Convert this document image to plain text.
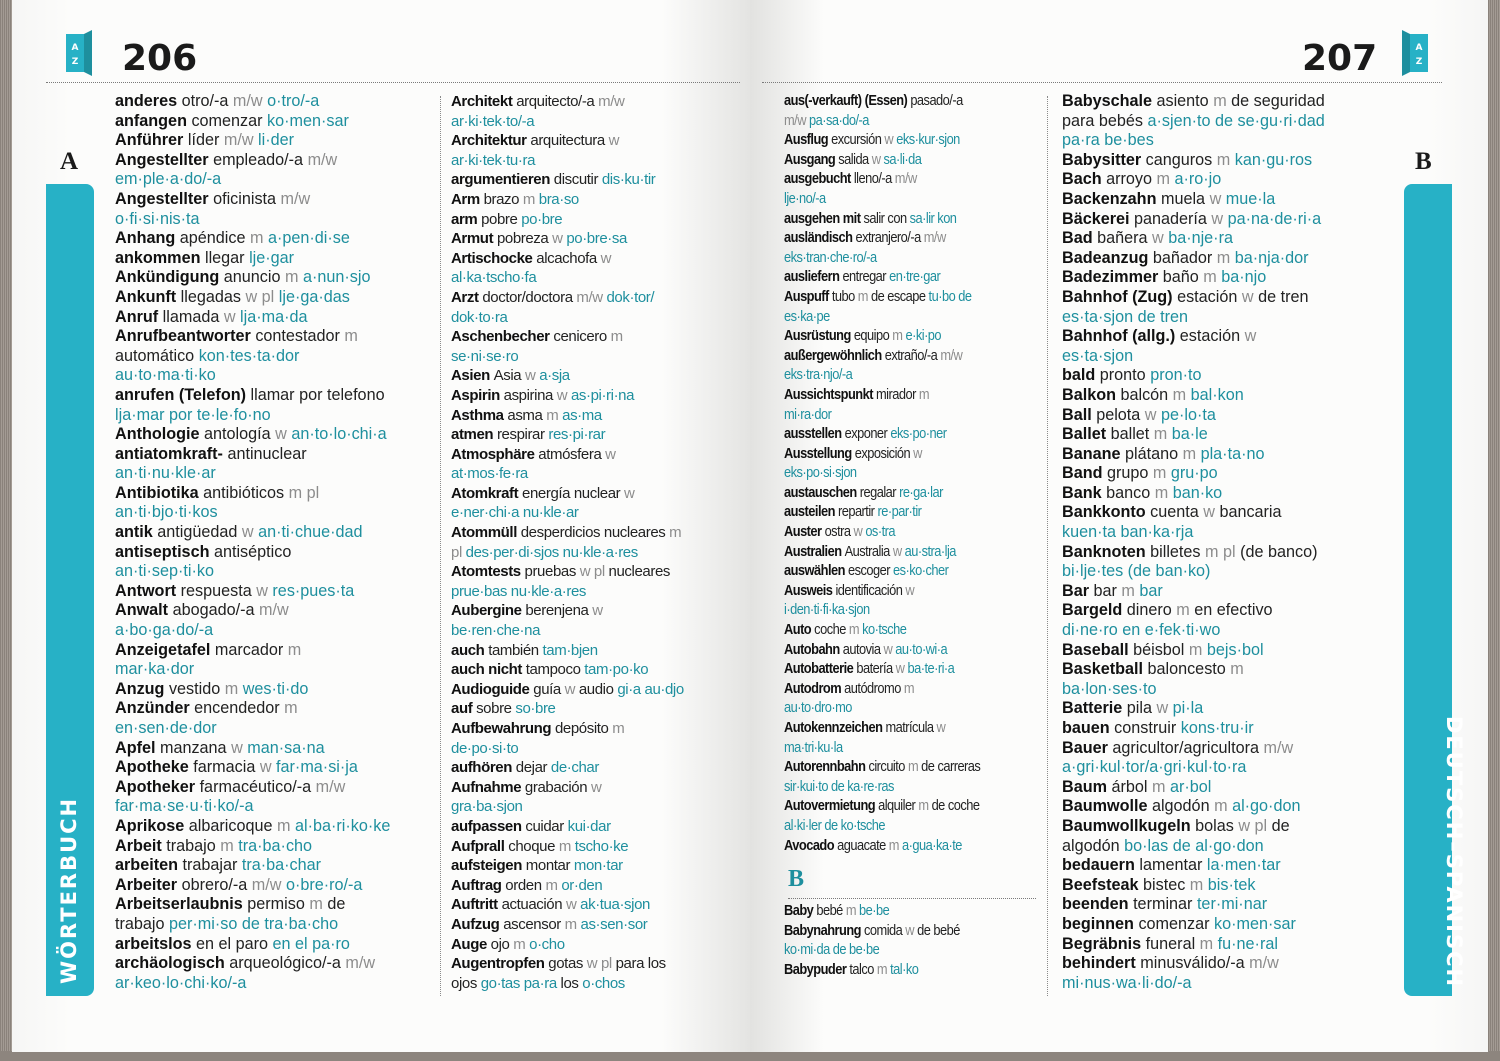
A
Z 206
A
anderes otro/-a m/w o·tro/-a
anfangen comenzar ko·men·sar
Anführer líder m/w li·der
Angestellter empleado/-a m/w
em·ple·a·do/-a
Angestellter oficinista m/w
o·fi·si·nis·ta
Anhang apéndice m a·pen·di·se
ankommen llegar lje·gar
Ankündigung anuncio m a·nun·sjo
Ankunft llegadas w pl lje·ga·das
Anruf llamada w lja·ma·da
Anrufbeantworter contestador m
automático kon·tes·ta·dor
au·to·ma·ti·ko
anrufen (Telefon) llamar por telefono
lja·mar por te·le·fo·no
Anthologie antología w an·to·lo·chi·a
antiatomkraft- antinuclear
an·ti·nu·kle·ar
Antibiotika antibióticos m pl
an·ti·bjo·ti·kos
antik antigüedad w an·ti·chue·dad
antiseptisch antiséptico
an·ti·sep·ti·ko
Antwort respuesta w res·pues·ta
Anwalt abogado/-a m/w
a·bo·ga·do/-a
Anzeigetafel marcador m
mar·ka·dor
Anzug vestido m wes·ti·do
Anzünder encendedor m
en·sen·de·dor
Apfel manzana w man·sa·na
Apotheke farmacia w far·ma·si·ja
Apotheker farmacéutico/-a m/w
far·ma·se·u·ti·ko/-a
Aprikose albaricoque m al·ba·ri·ko·ke
Arbeit trabajo m tra·ba·cho
arbeiten trabajar tra·ba·char
Arbeiter obrero/-a m/w o·bre·ro/-a
Arbeitserlaubnis permiso m de
trabajo per·mi·so de tra·ba·cho
arbeitslos en el paro en el pa·ro
archäologisch arqueológico/-a m/w
ar·keo·lo·chi·ko/-a
Architekt arquitecto/-a m/w
ar·ki·tek·to/-a
Architektur arquitectura w
ar·ki·tek·tu·ra
argumentieren discutir dis·ku·tir
Arm brazo m bra·so
arm pobre po·bre
Armut pobreza w po·bre·sa
Artischocke alcachofa w
al·ka·tscho·fa
Arzt doctor/doctora m/w dok·tor/
dok·to·ra
Aschenbecher cenicero m
se·ni·se·ro
Asien Asia w a·sja
Aspirin aspirina w as·pi·ri·na
Asthma asma m as·ma
atmen respirar res·pi·rar
Atmosphäre atmósfera w
at·mos·fe·ra
Atomkraft energía nuclear w
e·ner·chi·a nu·kle·ar
Atommüll desperdicios nucleares m
pl des·per·di·sjos nu·kle·a·res
Atomtests pruebas w pl nucleares
prue·bas nu·kle·a·res
Aubergine berenjena w
be·ren·che·na
auch también tam·bjen
auch nicht tampoco tam·po·ko
Audioguide guía w audio gi·a au·djo
auf sobre so·bre
Aufbewahrung depósito m
de·po·si·to
aufhören dejar de·char
Aufnahme grabación w
gra·ba·sjon
aufpassen cuidar kui·dar
Aufprall choque m tscho·ke
aufsteigen montar mon·tar
Auftrag orden m or·den
Auftritt actuación w ak·tua·sjon
Aufzug ascensor m as·sen·sor
Auge ojo m o·cho
Augentropfen gotas w pl para los
ojos go·tas pa·ra los o·chos
207	A
Z
B
aus(-verkauft) (Essen) pasado/-a
m/w pa·sa·do/-a
Ausflug excursión w eks·kur·sjon
Ausgang salida w sa·li·da
ausgebucht lleno/-a m/w
lje·no/-a
ausgehen mit salir con sa·lir kon
ausländisch extranjero/-a m/w
eks·tran·che·ro/-a
ausliefern entregar en·tre·gar
Auspuff tubo m de escape tu·bo de
es·ka·pe
Ausrüstung equipo m e·ki·po
außergewöhnlich extraño/-a m/w
eks·tra·njo/-a
Aussichtspunkt mirador m
mi·ra·dor
ausstellen exponer eks·po·ner
Ausstellung exposición w
eks·po·si·sjon
austauschen regalar re·ga·lar
austeilen repartir re·par·tir
Auster ostra w os·tra
Australien Australia w au·stra·lja
auswählen escoger es·ko·cher
Ausweis identificación w
i·den·ti·fi·ka·sjon
Auto coche m ko·tsche
Autobahn autovia w au·to·wi·a
Autobatterie batería w ba·te·ri·a
Autodrom autódromo m
au·to·dro·mo
Autokennzeichen matrícula w
ma·tri·ku·la
Autorennbahn circuito m de carreras
sir·kui·to de ka·re·ras
Autovermietung alquiler m de coche
al·ki·ler de ko·tsche
Avocado aguacate m a·gua·ka·te
Babyschale asiento m de seguridad
para bebés a·sjen·to de se·gu·ri·dad
pa·ra be·bes
Babysitter canguros m kan·gu·ros
Bach arroyo m a·ro·jo
Backenzahn muela w mue·la
Bäckerei panadería w pa·na·de·ri·a
Bad bañera w ba·nje·ra
Badeanzug bañador m ba·nja·dor
Badezimmer baño m ba·njo
Bahnhof (Zug) estación w de tren
es·ta·sjon de tren
Bahnhof (allg.) estación w
es·ta·sjon
bald pronto pron·to
Balkon balcón m bal·kon
Ball pelota w pe·lo·ta
Ballet ballet m ba·le
Banane plátano m pla·ta·no
Band grupo m gru·po
Bank banco m ban·ko
Bankkonto cuenta w bancaria
kuen·ta ban·ka·rja
Banknoten billetes m pl (de banco)
bi·lje·tes (de ban·ko)
Bar bar m bar
Bargeld dinero m en efectivo
di·ne·ro en e·fek·ti·wo
Baseball béisbol m bejs·bol
Basketball baloncesto m
ba·lon·ses·to
Batterie pila w pi·la
bauen construir kons·tru·ir
Bauer agricultor/agricultora m/w
a·gri·kul·tor/a·gri·kul·to·ra
Baum árbol m ar·bol
Baumwolle algodón m al·go·don
Baumwollkugeln bolas w pl de
algodón bo·las de al·go·don
bedauern lamentar la·men·tar
Beefsteak bistec m bis·tek
beenden terminar ter·mi·nar
beginnen comenzar ko·men·sar
Begräbnis funeral m fu·ne·ral
behindert minusválido/-a m/w
mi·nus·wa·li·do/-a
WÖRTERBUCH	DEUTSCH–SPANISCH
B
Baby bebé m be·be
Babynahrung comida w de bebé
ko·mi·da de be·be
Babypuder talco m tal·ko
